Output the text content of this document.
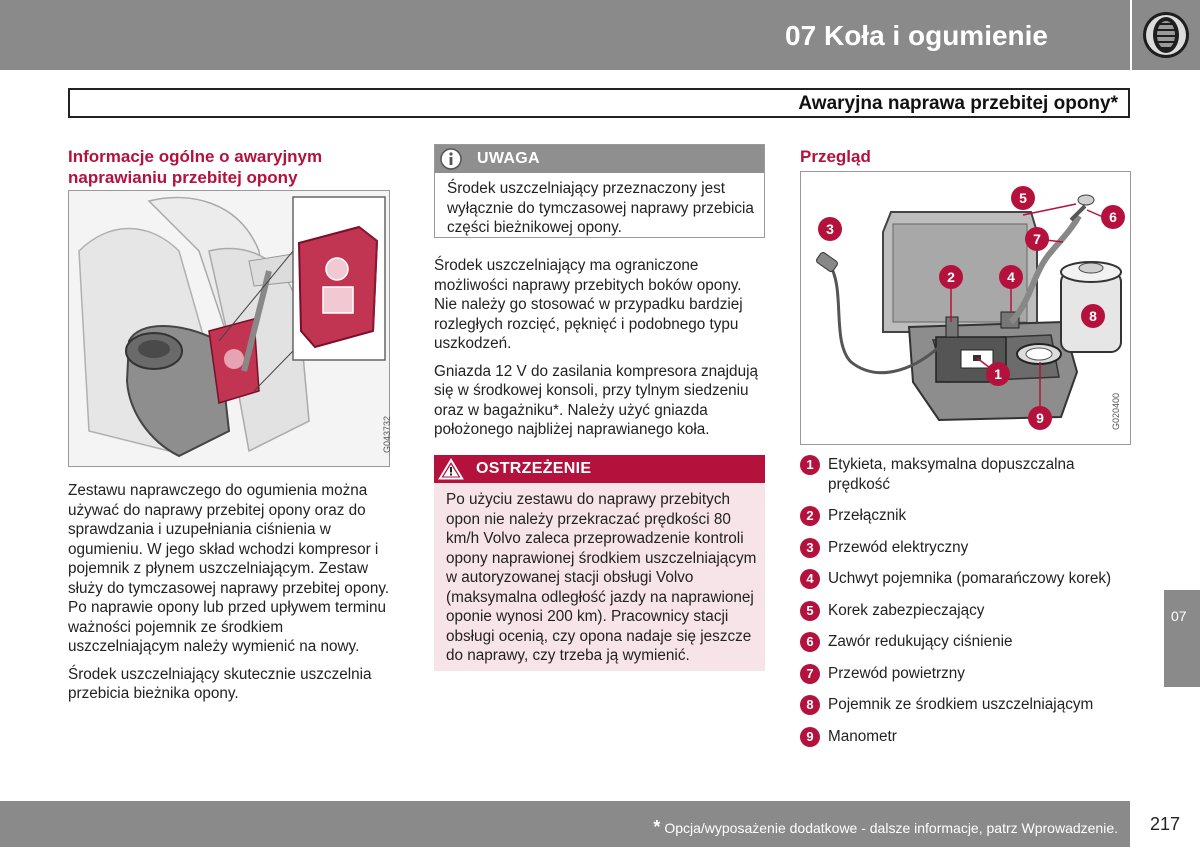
07 Koła i ogumienie
Awaryjna naprawa przebitej opony*
Informacje ogólne o awaryjnym naprawianiu przebitej opony
G043732

Zestawu naprawczego do ogumienia można używać do naprawy przebitej opony oraz do sprawdzania i uzupełniania ciśnienia w ogumieniu. W jego skład wchodzi kompresor i pojemnik z płynem uszczelniającym. Zestaw służy do tymczasowej naprawy przebitej opony. Po naprawie opony lub przed upływem terminu ważności pojemnik ze środkiem uszczelniającym należy wymienić na nowy.

Środek uszczelniający skutecznie uszczelnia przebicia bieżnika opony.

UWAGA
Środek uszczelniający przeznaczony jest wyłącznie do tymczasowej naprawy przebicia części bieżnikowej opony.

Środek uszczelniający ma ograniczone możliwości naprawy przebitych boków opony. Nie należy go stosować w przypadku bardziej rozległych rozcięć, pęknięć i podobnego typu uszkodzeń.

Gniazda 12 V do zasilania kompresora znajdują się w środkowej konsoli, przy tylnym siedzeniu oraz w bagażniku*. Należy użyć gniazda położonego najbliżej naprawianego koła.

OSTRZEŻENIE
Po użyciu zestawu do naprawy przebitych opon nie należy przekraczać prędkości 80 km/h Volvo zaleca przeprowadzenie kontroli opony naprawionej środkiem uszczelniającym w autoryzowanej stacji obsługi Volvo (maksymalna odległość jazdy na naprawionej oponie wynosi 200 km). Pracownicy stacji obsługi ocenią, czy opona nadaje się jeszcze do naprawy, czy trzeba ją wymienić.
Przegląd
5
6
7
3
2	4
8
1
9	G020400
1 Etykieta, maksymalna dopuszczalna prędkość
2 Przełącznik
3 Przewód elektryczny
4 Uchwyt pojemnika (pomarańczowy korek)
5 Korek zabezpieczający
6 Zawór redukujący ciśnienie
7 Przewód powietrzny
8 Pojemnik ze środkiem uszczelniającym
9 Manometr
07
* Opcja/wyposażenie dodatkowe - dalsze informacje, patrz Wprowadzenie.	217
